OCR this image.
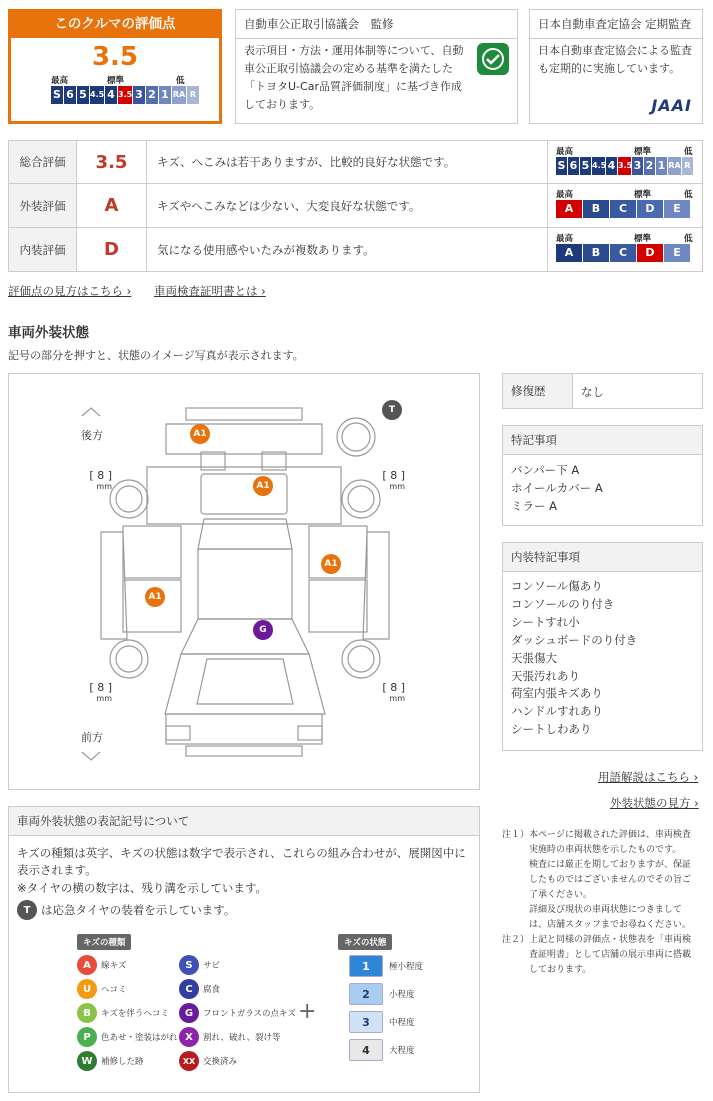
このクルマの評価点
3.5
最高	標準	低
S 6 5 4.5 4 3.5 3 2 1 RA R
自動車公正取引協議会　監修
表示項目・方法・運用体制等について、自動車公正取引協議会の定める基準を満たした「トヨタU-Car品質評価制度」に基づき作成しております。
日本自動車査定協会 定期監査
日本自動車査定協会による監査も定期的に実施しています。
JAAI
総合評価	3.5	キズ、へこみは若干ありますが、比較的良好な状態です。
最高	標準	低
S 6 5 4.5 4 3.5 3 2 1 RA R
外装評価	A	キズやへこみなどは少ない、大変良好な状態です。
最高	標準	低
A	B	C	D	E
内装評価	D	気になる使用感やいたみが複数あります。
最高	標準	低
A	B	C	D	E
評価点の見方はこちら › 車両検査証明書とは ›
車両外装状態
記号の部分を押すと、状態のイメージ写真が表示されます。
後方
前方
[ 8 ]
mm
[ 8 ]
mm
[ 8 ]
mm
[ 8 ]
mm
T
A1
A1
A1
A1
G
修復歴	なし
特記事項
バンパー下 A
ホイールカバー A
ミラー A
内装特記事項
コンソール傷あり
コンソールのり付き
シートすれ小
ダッシュボードのり付き
天張傷大
天張汚れあり
荷室内張キズあり
ハンドルすれあり
シートしわあり
用語解説はこちら ›
外装状態の見方 ›
注１）本ページに掲載された評価は、車両検査
　　　実施時の車両状態を示したものです。
　　　検査には厳正を期しておりますが、保証
　　　したものではございませんのでその旨ご
　　　了承ください。
　　　詳細及び現状の車両状態につきまして
　　　は、店舗スタッフまでお尋ねください。
注２）上記と同様の評価点・状態表を「車両検
　　　査証明書」として店舗の展示車両に搭載
　　　しております。
車両外装状態の表記記号について
キズの種類は英字、キズの状態は数字で表示され、これらの組み合わせが、展開図中に表示されます。
※タイヤの横の数字は、残り溝を示しています。
T は応急タイヤの装着を示しています。
キズの種類	キズの状態
A	線キズ
U	ヘコミ
B	キズを伴うヘコミ
P	色あせ・塗装はがれ
W 補修した跡
S	サビ
C	腐食
G	フロントガラスの点キズ
X	割れ、破れ、裂け等
XX 交換済み
+
1	極小程度
2	小程度
3	中程度
4	大程度
